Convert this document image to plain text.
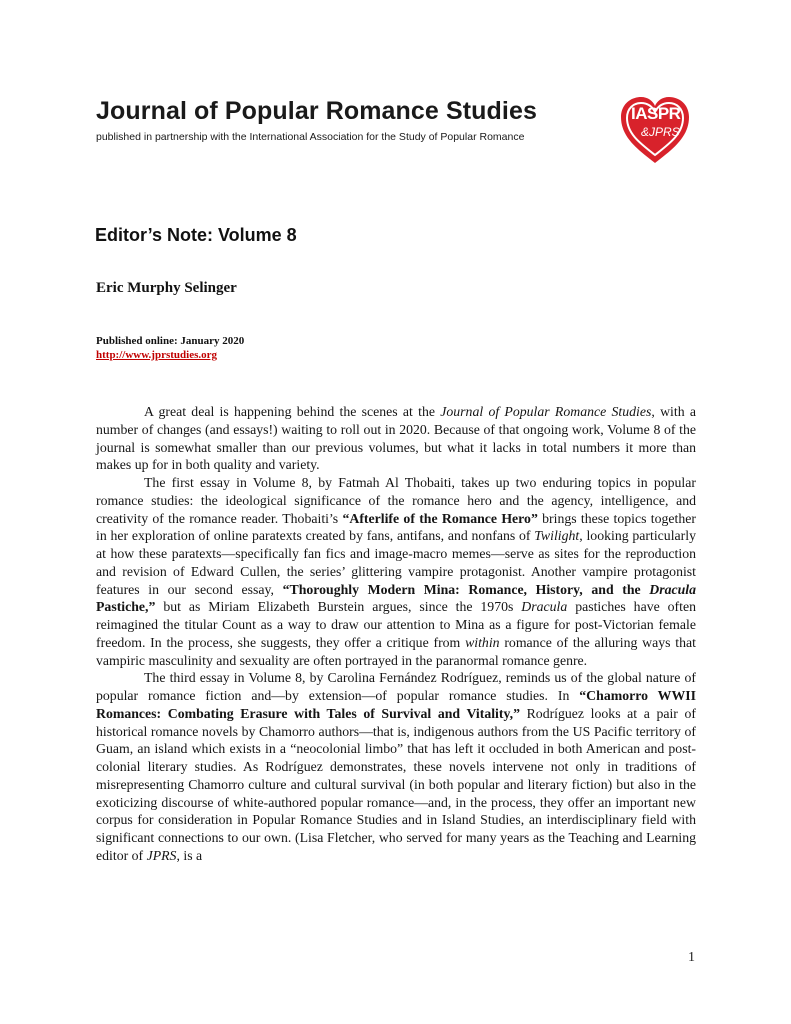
Journal of Popular Romance Studies
published in partnership with the International Association for the Study of Popular Romance
IASPR
&JPRS
Editor’s Note: Volume 8
Eric Murphy Selinger
Published online: January 2020
http://www.jprstudies.org

A great deal is happening behind the scenes at the Journal of Popular Romance Studies, with a number of changes (and essays!) waiting to roll out in 2020. Because of that ongoing work, Volume 8 of the journal is somewhat smaller than our previous volumes, but what it lacks in total numbers it more than makes up for in both quality and variety.

The first essay in Volume 8, by Fatmah Al Thobaiti, takes up two enduring topics in popular romance studies: the ideological significance of the romance hero and the agency, intelligence, and creativity of the romance reader. Thobaiti’s “Afterlife of the Romance Hero” brings these topics together in her exploration of online paratexts created by fans, antifans, and nonfans of Twilight, looking particularly at how these paratexts—specifically fan fics and image-macro memes—serve as sites for the reproduction and revision of Edward Cullen, the series’ glittering vampire protagonist. Another vampire protagonist features in our second essay, “Thoroughly Modern Mina: Romance, History, and the Dracula Pastiche,” but as Miriam Elizabeth Burstein argues, since the 1970s Dracula pastiches have often reimagined the titular Count as a way to draw our attention to Mina as a figure for post-Victorian female freedom. In the process, she suggests, they offer a critique from within romance of the alluring ways that vampiric masculinity and sexuality are often portrayed in the paranormal romance genre.

The third essay in Volume 8, by Carolina Fernández Rodríguez, reminds us of the global nature of popular romance fiction and—by extension—of popular romance studies. In “Chamorro WWII Romances: Combating Erasure with Tales of Survival and Vitality,” Rodríguez looks at a pair of historical romance novels by Chamorro authors—that is, indigenous authors from the US Pacific territory of Guam, an island which exists in a “neocolonial limbo” that has left it occluded in both American and post-colonial literary studies. As Rodríguez demonstrates, these novels intervene not only in traditions of misrepresenting Chamorro culture and cultural survival (in both popular and literary fiction) but also in the exoticizing discourse of white-authored popular romance—and, in the process, they offer an important new corpus for consideration in Popular Romance Studies and in Island Studies, an interdisciplinary field with significant connections to our own. (Lisa Fletcher, who served for many years as the Teaching and Learning editor of JPRS, is a

1
